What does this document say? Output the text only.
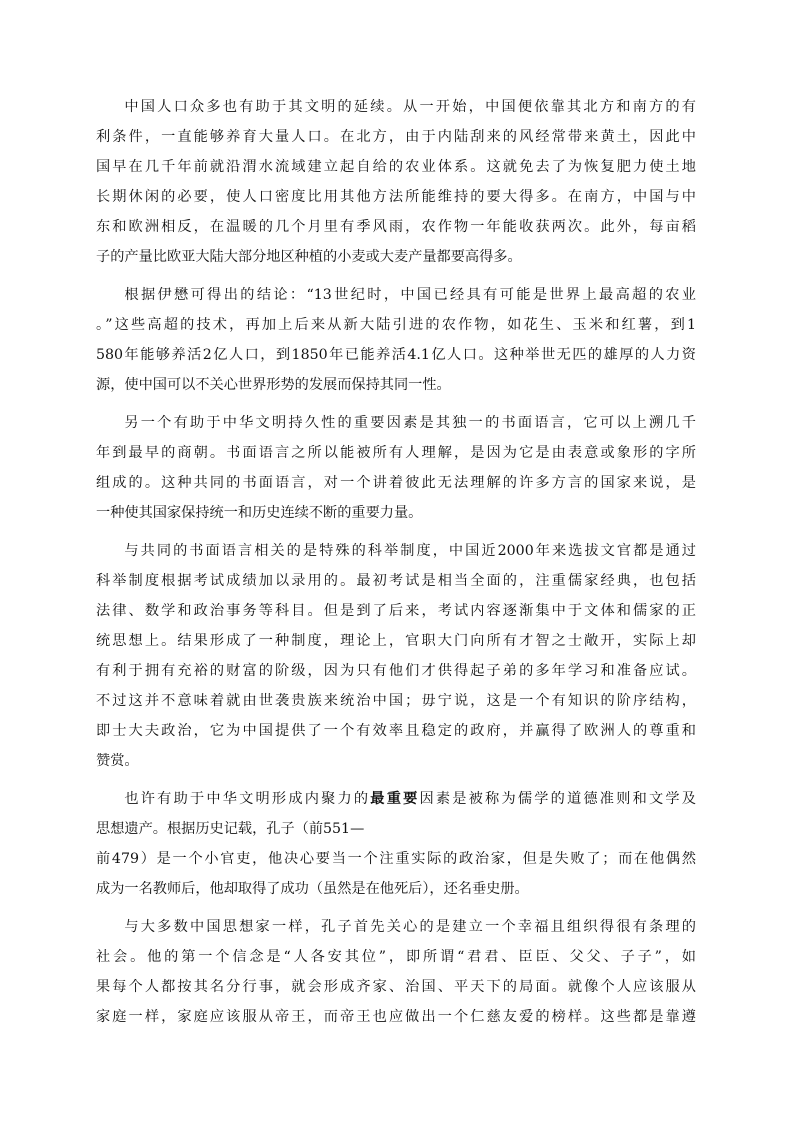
中国人口众多也有助于其文明的延续。从一开始，中国便依靠其北方和南方的有
利条件，一直能够养育大量人口。在北方，由于内陆刮来的风经常带来黄土，因此中
国早在几千年前就沿渭水流域建立起自给的农业体系。这就免去了为恢复肥力使土地
长期休闲的必要，使人口密度比用其他方法所能维持的要大得多。在南方，中国与中
东和欧洲相反，在温暖的几个月里有季风雨，农作物一年能收获两次。此外，每亩稻
子的产量比欧亚大陆大部分地区种植的小麦或大麦产量都要高得多。
根据伊懋可得出的结论：“13世纪时，中国已经具有可能是世界上最高超的农业
。”这些高超的技术，再加上后来从新大陆引进的农作物，如花生、玉米和红薯，到1
580年能够养活2亿人口，到1850年已能养活4.1亿人口。这种举世无匹的雄厚的人力资
源，使中国可以不关心世界形势的发展而保持其同一性。
另一个有助于中华文明持久性的重要因素是其独一的书面语言，它可以上溯几千
年到最早的商朝。书面语言之所以能被所有人理解，是因为它是由表意或象形的字所
组成的。这种共同的书面语言，对一个讲着彼此无法理解的许多方言的国家来说，是
一种使其国家保持统一和历史连续不断的重要力量。
与共同的书面语言相关的是特殊的科举制度，中国近2000年来选拔文官都是通过
科举制度根据考试成绩加以录用的。最初考试是相当全面的，注重儒家经典，也包括
法律、数学和政治事务等科目。但是到了后来，考试内容逐渐集中于文体和儒家的正
统思想上。结果形成了一种制度，理论上，官职大门向所有才智之士敞开，实际上却
有利于拥有充裕的财富的阶级，因为只有他们才供得起子弟的多年学习和准备应试。
不过这并不意味着就由世袭贵族来统治中国；毋宁说，这是一个有知识的阶序结构，
即士大夫政治，它为中国提供了一个有效率且稳定的政府，并赢得了欧洲人的尊重和
赞赏。
也许有助于中华文明形成内聚力的最重要因素是被称为儒学的道德准则和文学及
思想遗产。根据历史记载，孔子（前551—
前479）是一个小官吏，他决心要当一个注重实际的政治家，但是失败了；而在他偶然
成为一名教师后，他却取得了成功（虽然是在他死后），还名垂史册。
与大多数中国思想家一样，孔子首先关心的是建立一个幸福且组织得很有条理的
社会。他的第一个信念是“人各安其位”，即所谓“君君、臣臣、父父、子子”，如
果每个人都按其名分行事，就会形成齐家、治国、平天下的局面。就像个人应该服从
家庭一样，家庭应该服从帝王，而帝王也应做出一个仁慈友爱的榜样。这些都是靠遵
